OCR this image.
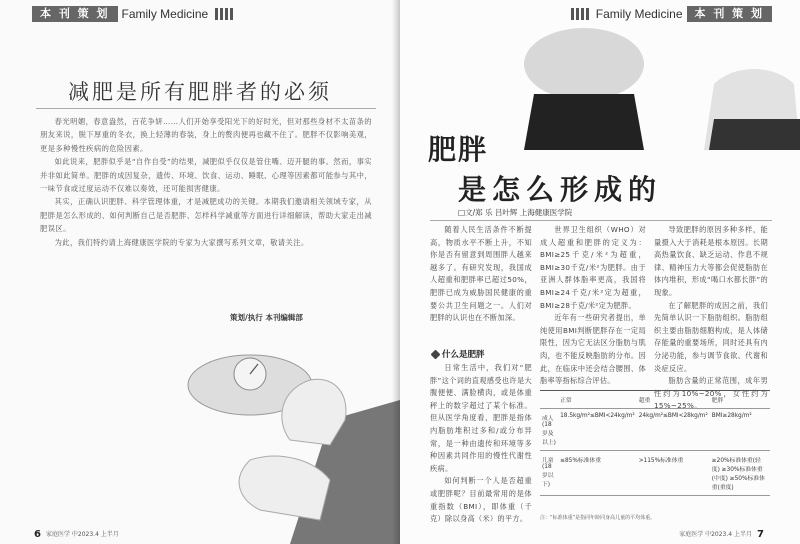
本 刊 策 划	Family Medicine
减肥是所有肥胖者的必须

春光明媚，春意盎然，百花争妍……人们开始享受阳光下的好时光，但对那些身材不太苗条的朋友来说，脱下厚重的冬衣，换上轻薄的春装，身上的赘肉便再也藏不住了。肥胖不仅影响美观，更是多种慢性疾病的危险因素。

如此说来，肥胖似乎是“自作自受”的结果，减肥似乎仅仅是管住嘴、迈开腿的事。然而，事实并非如此简单。肥胖的成因复杂，遗传、环境、饮食、运动、睡眠、心理等因素都可能参与其中，一味节食或过度运动不仅难以奏效，还可能损害健康。

其实，正确认识肥胖、科学管理体重，才是减肥成功的关键。本期我们邀请相关领域专家，从肥胖是怎么形成的、如何判断自己是否肥胖、怎样科学减重等方面进行详细解读，帮助大家走出减肥误区。

为此，我们特约请上海健康医学院的专家为大家撰写系列文章，敬请关注。

策划/执行 本刊编辑部
6 家庭医学 中2023.4 上半月
Family Medicine	本 刊 策 划
肥胖
是怎么形成的
□文/郑 乐 吕叶辉 上海健康医学院

随着人民生活条件不断提高，物质水平不断上升，不知你是否有留意到周围胖人越来越多了。有研究发现，我国成人超重和肥胖率已超过50%，肥胖已成为威胁国民健康的重要公共卫生问题之一。人们对肥胖的认识也在不断加深。

什么是肥胖

日常生活中，我们对“肥胖”这个词的直观感受也许是大腹便便、满脸横肉，或是体重秤上的数字超过了某个标准。但从医学角度看，肥胖是指体内脂肪堆积过多和/或分布异常，是一种由遗传和环境等多种因素共同作用的慢性代谢性疾病。

如何判断一个人是否超重或肥胖呢？目前最常用的是体重指数（BMI），即体重（千克）除以身高（米）的平方。

世界卫生组织（WHO）对成人超重和肥胖的定义为：BMI≥25千克/米²为超重，BMI≥30千克/米²为肥胖。由于亚洲人群体脂率更高，我国将BMI≥24千克/米²定为超重，BMI≥28千克/米²定为肥胖。

近年有一些研究者提出，单纯使用BMI判断肥胖存在一定局限性，因为它无法区分脂肪与肌肉，也不能反映脂肪的分布。因此，在临床中还会结合腰围、体脂率等指标综合评估。

导致肥胖的原因多种多样，能量摄入大于消耗是根本原因。长期高热量饮食、缺乏运动、作息不规律、精神压力大等都会促使脂肪在体内堆积，形成“喝口水都长胖”的现象。

在了解肥胖的成因之前，我们先简单认识一下脂肪组织。脂肪组织主要由脂肪细胞构成，是人体储存能量的重要场所，同时还具有内分泌功能，参与调节食欲、代谢和炎症反应。

脂肪含量的正常范围，成年男性约为10%~20%，女性约为15%~25%。

	正常	超重	肥胖
成人(18岁及以上)	18.5kg/m²≤BMI<24kg/m²	24kg/m²≤BMI<28kg/m²	BMI≥28kg/m²
儿童(18岁以下)	≤85%标准体重	>115%标准体重	≥20%标准体重(轻度) ≥30%标准体重(中度) ≥50%标准体重(重度)
注：“标准体重”是指同年龄同身高儿童的平均体重。
家庭医学 中2023.4 上半月 7
